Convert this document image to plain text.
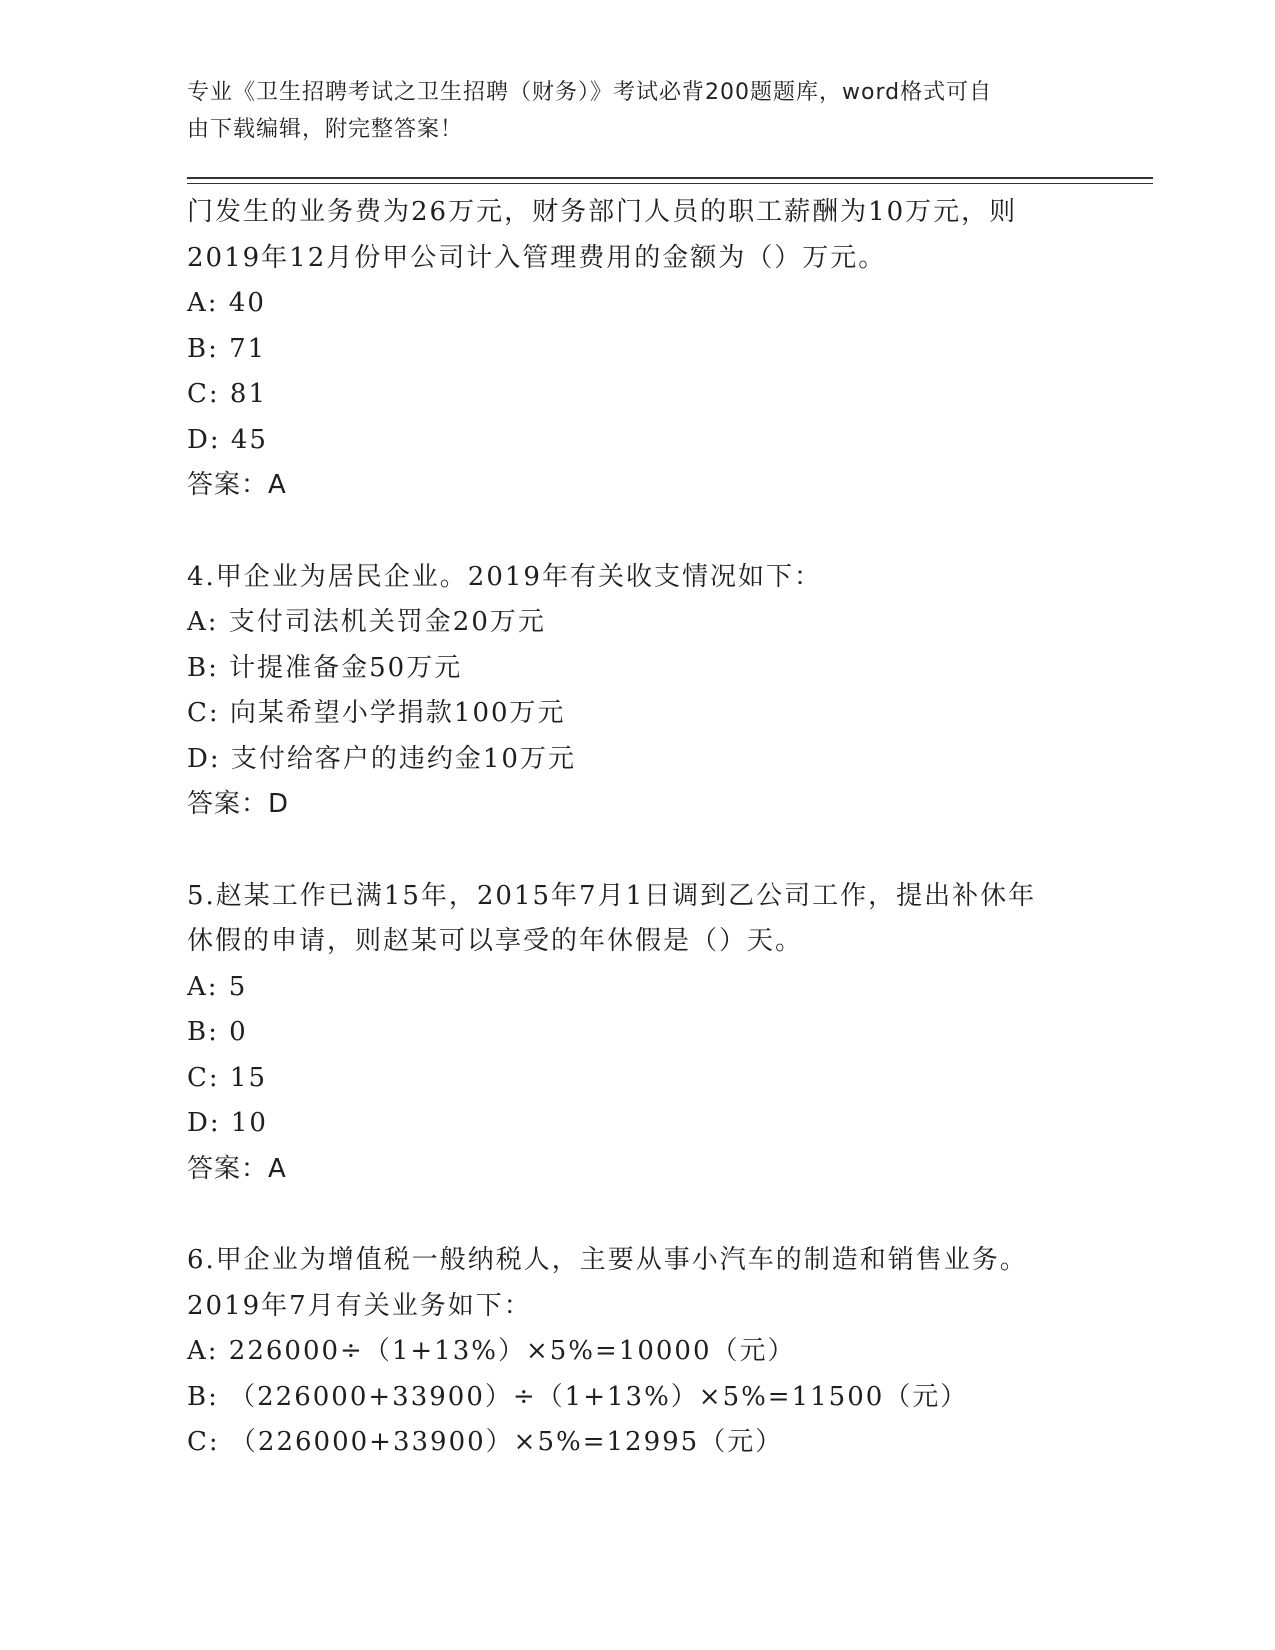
专业《卫生招聘考试之卫生招聘（财务）》考试必背200题题库，word格式可自
由下载编辑，附完整答案！
门发生的业务费为26万元，财务部门人员的职工薪酬为10万元，则
2019年12月份甲公司计入管理费用的金额为（）万元。
A: 40
B: 71
C: 81
D: 45
答案：A
4.甲企业为居民企业。2019年有关收支情况如下：
A: 支付司法机关罚金20万元
B: 计提准备金50万元
C: 向某希望小学捐款100万元
D: 支付给客户的违约金10万元
答案：D
5.赵某工作已满15年，2015年7月1日调到乙公司工作，提出补休年
休假的申请，则赵某可以享受的年休假是（）天。
A: 5
B: 0
C: 15
D: 10
答案：A
6.甲企业为增值税一般纳税人，主要从事小汽车的制造和销售业务。
2019年7月有关业务如下：
A: 226000÷（1+13%）×5%=10000（元）
B: （226000+33900）÷（1+13%）×5%=11500（元）
C: （226000+33900）×5%=12995（元）
